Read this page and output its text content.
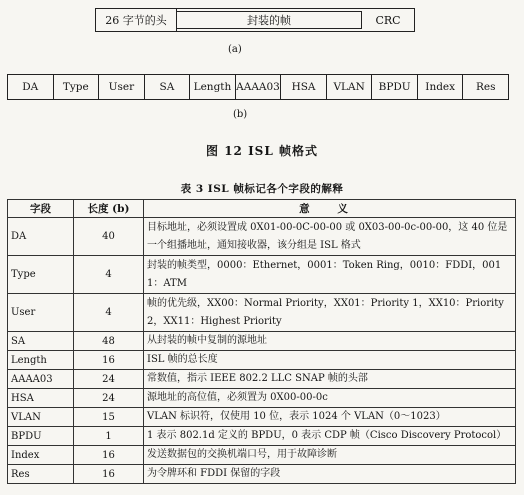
26 字节的头	封装的帧	CRC
(a)
DA	Type	User	SA	Length AAAA03	HSA	VLAN	BPDU	Index	Res
(b)
图 12 ISL 帧格式
表 3 ISL 帧标记各个字段的解释
字段	长度 (b)	意 义
DA	40	目标地址，必须设置成 0X01-00-0C-00-00 或 0X03-00-0c-00-00，这 40 位是一个组播地址，通知接收器，该分组是 ISL 格式
Type	4	封装的帧类型，0000：Ethernet，0001：Token Ring，0010：FDDI，0011：ATM
User	4	帧的优先级，XX00：Normal Priority，XX01：Priority 1，XX10：Priority 2，XX11：Highest Priority
SA	48	从封装的帧中复制的源地址
Length	16	ISL 帧的总长度
AAAA03	24	常数值，指示 IEEE 802.2 LLC SNAP 帧的头部
HSA	24	源地址的高位值，必须置为 0X00-00-0c
VLAN	15	VLAN 标识符，仅使用 10 位，表示 1024 个 VLAN（0～1023）
BPDU	1	1 表示 802.1d 定义的 BPDU，0 表示 CDP 帧（Cisco Discovery Protocol）
Index	16	发送数据包的交换机端口号，用于故障诊断
Res	16	为令牌环和 FDDI 保留的字段
